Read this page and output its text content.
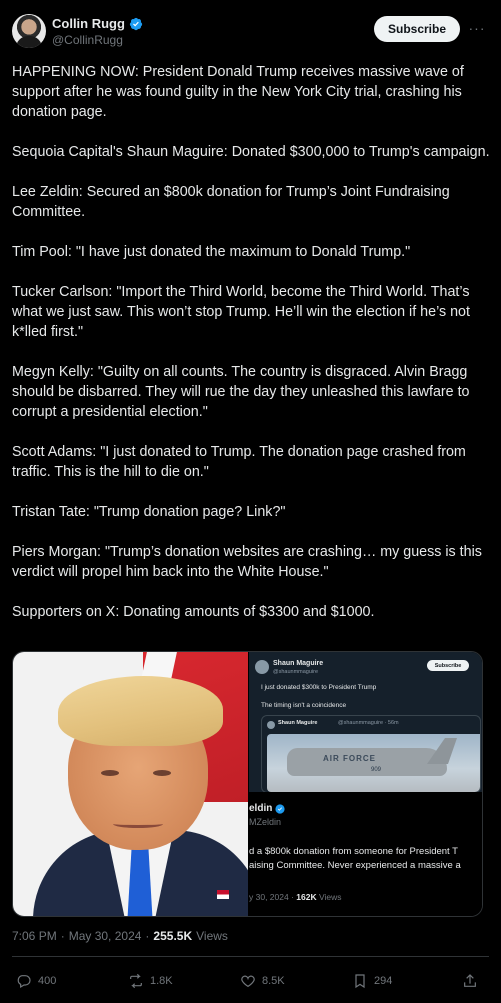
Collin Rugg
@CollinRugg
Subscribe	···

HAPPENING NOW: President Donald Trump receives massive wave of support after he was found guilty in the New York City trial, crashing his donation page.

Sequoia Capital's Shaun Maguire: Donated $300,000 to Trump's campaign.

Lee Zeldin: Secured an $800k donation for Trump’s Joint Fundraising Committee.

Tim Pool: "I have just donated the maximum to Donald Trump."

Tucker Carlson: "Import the Third World, become the Third World. That’s what we just saw. This won’t stop Trump. He’ll win the election if he’s not k*lled first."

Megyn Kelly: "Guilty on all counts. The country is disgraced. Alvin Bragg should be disbarred. They will rue the day they unleashed this lawfare to corrupt a presidential election."

Scott Adams: "I just donated to Trump. The donation page crashed from traffic. This is the hill to die on."

Tristan Tate: "Trump donation page? Link?"

Piers Morgan: "Trump’s donation websites are crashing… my guess is this verdict will propel him back into the White House."

Supporters on X: Donating amounts of $3300 and $1000.

Shaun Maguire
@shaunmmaguire
Subscribe
I just donated $300k to President Trump
The timing isn't a coincidence
Shaun Maguire	@shaunmmaguire · 56m
AIR FORCE
909
eldin
MZeldin
d a $800k donation from someone for President T
aising Committee. Never experienced a massive a
y 30, 2024 · 162K Views
7:06 PM · May 30, 2024 · 255.5K Views
400	1.8K	8.5K	294
